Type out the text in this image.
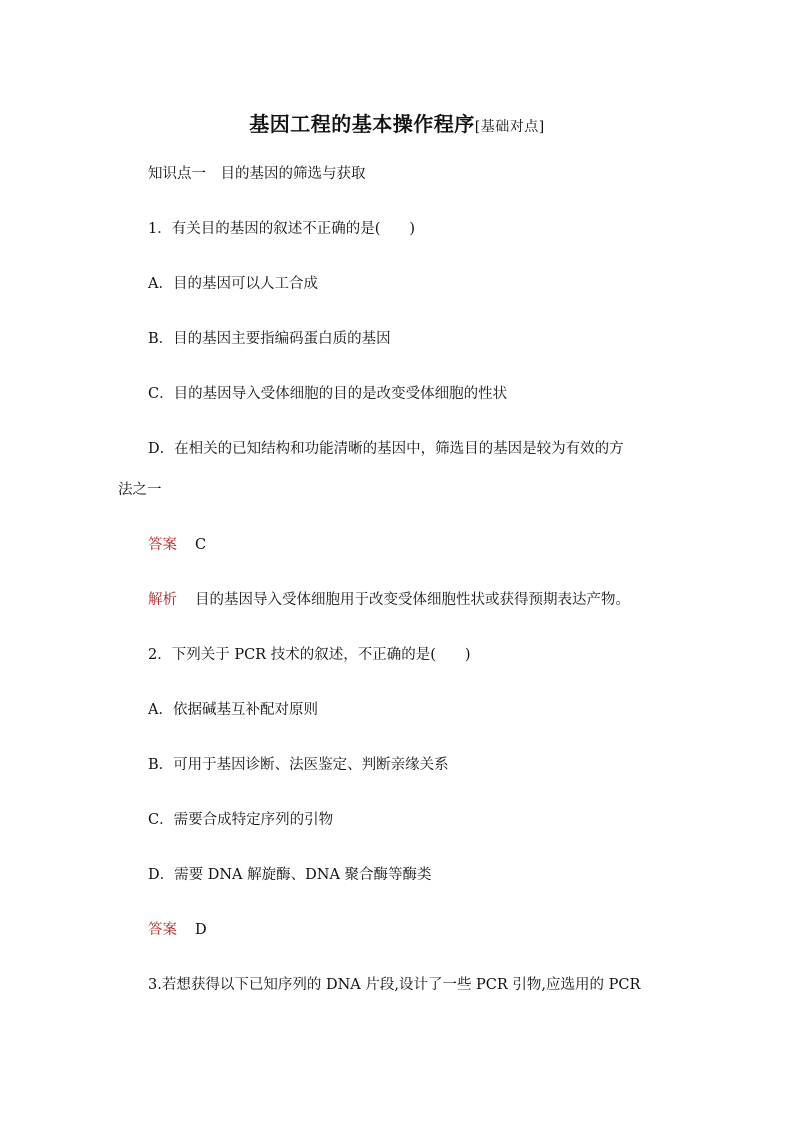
基因工程的基本操作程序[基础对点]
知识点一　目的基因的筛选与获取
1．有关目的基因的叙述不正确的是(　　)
A．目的基因可以人工合成
B．目的基因主要指编码蛋白质的基因
C．目的基因导入受体细胞的目的是改变受体细胞的性状
D．在相关的已知结构和功能清晰的基因中，筛选目的基因是较为有效的方
法之一
答案 C
解析 目的基因导入受体细胞用于改变受体细胞性状或获得预期表达产物。
2．下列关于 PCR 技术的叙述，不正确的是(　　)
A．依据碱基互补配对原则
B．可用于基因诊断、法医鉴定、判断亲缘关系
C．需要合成特定序列的引物
D．需要 DNA 解旋酶、DNA 聚合酶等酶类
答案 D
3.若想获得以下已知序列的 DNA 片段,设计了一些 PCR 引物,应选用的 PCR
